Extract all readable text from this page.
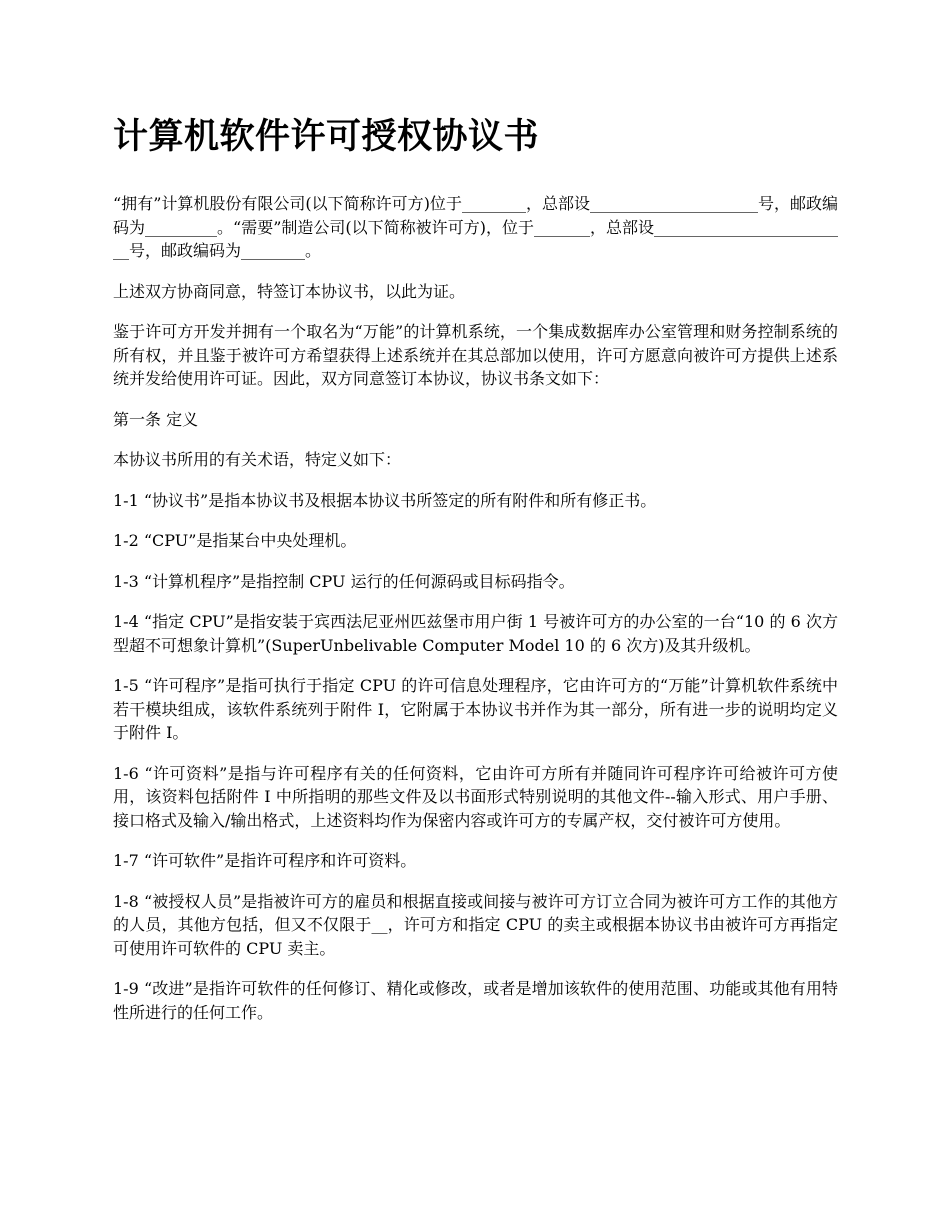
计算机软件许可授权协议书

“拥有”计算机股份有限公司(以下简称许可方)位于________，总部设_____________________号，邮政编码为_________。“需要”制造公司(以下简称被许可方)，位于_______，总部设_________________________号，邮政编码为________。

上述双方协商同意，特签订本协议书，以此为证。

鉴于许可方开发并拥有一个取名为“万能”的计算机系统，一个集成数据库办公室管理和财务控制系统的所有权，并且鉴于被许可方希望获得上述系统并在其总部加以使用，许可方愿意向被许可方提供上述系统并发给使用许可证。因此，双方同意签订本协议，协议书条文如下：

第一条 定义

本协议书所用的有关术语，特定义如下：

1-1 “协议书”是指本协议书及根据本协议书所签定的所有附件和所有修正书。

1-2 “CPU”是指某台中央处理机。

1-3 “计算机程序”是指控制 CPU 运行的任何源码或目标码指令。

1-4 “指定 CPU”是指安装于宾西法尼亚州匹兹堡市用户街 1 号被许可方的办公室的一台“10 的 6 次方型超不可想象计算机”(SuperUnbelivable Computer Model 10 的 6 次方)及其升级机。

1-5 “许可程序”是指可执行于指定 CPU 的许可信息处理程序，它由许可方的“万能”计算机软件系统中若干模块组成，该软件系统列于附件 I，它附属于本协议书并作为其一部分，所有进一步的说明均定义于附件 I。

1-6 “许可资料”是指与许可程序有关的任何资料，它由许可方所有并随同许可程序许可给被许可方使用，该资料包括附件 I 中所指明的那些文件及以书面形式特别说明的其他文件--输入形式、用户手册、接口格式及输入/输出格式，上述资料均作为保密内容或许可方的专属产权，交付被许可方使用。

1-7 “许可软件”是指许可程序和许可资料。

1-8 “被授权人员”是指被许可方的雇员和根据直接或间接与被许可方订立合同为被许可方工作的其他方的人员，其他方包括，但又不仅限于__，许可方和指定 CPU 的卖主或根据本协议书由被许可方再指定可使用许可软件的 CPU 卖主。

1-9 “改进”是指许可软件的任何修订、精化或修改，或者是增加该软件的使用范围、功能或其他有用特性所进行的任何工作。
